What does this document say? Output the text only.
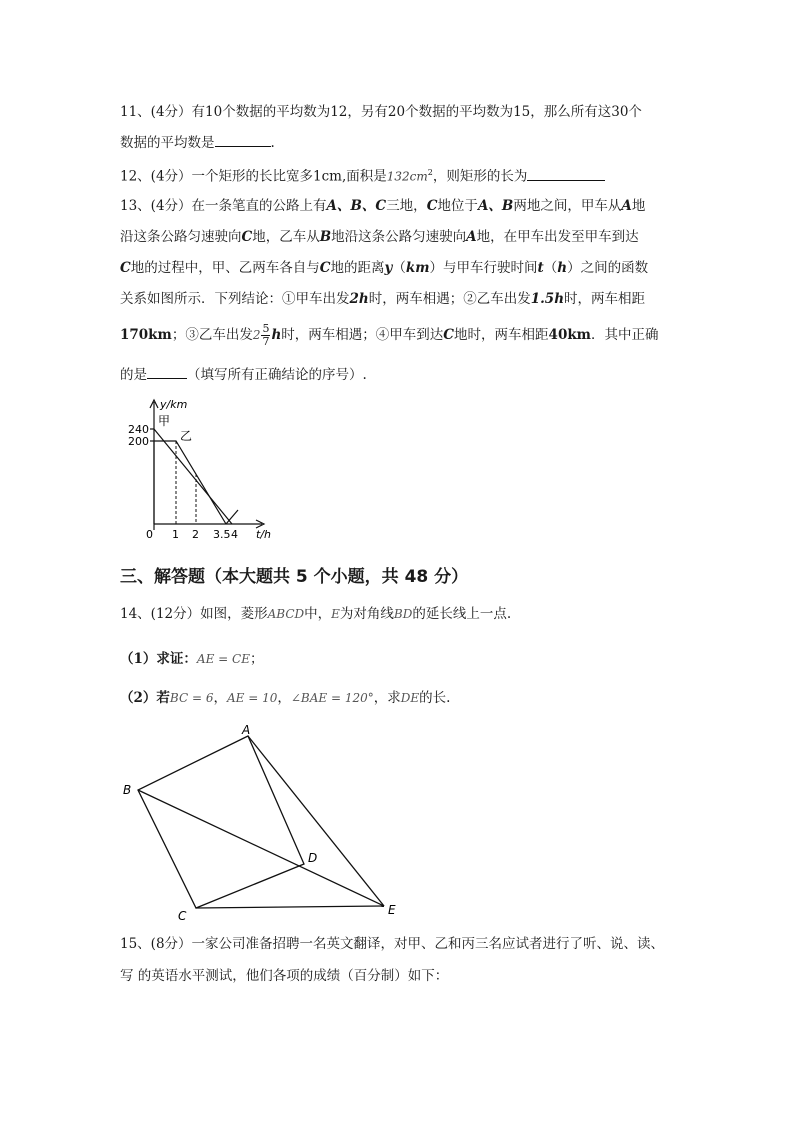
11、(4分）有10个数据的平均数为12，另有20个数据的平均数为15，那么所有这30个
数据的平均数是	.
12、(4分）一个矩形的长比宽多1cm,面积是$132cm^2$，则矩形的长为
13、(4分）在一条笔直的公路上有A、B、C三地，C地位于A、B两地之间，甲车从A地
沿这条公路匀速驶向C地，乙车从B地沿这条公路匀速驶向A地，在甲车出发至甲车到达
C地的过程中，甲、乙两车各自与C地的距离y（km）与甲车行驶时间t（h）之间的函数
关系如图所示．下列结论：①甲车出发2h时，两车相遇；②乙车出发1.5h时，两车相距
170km；③乙车出发$2 \frac{5}{7}$ h时，两车相遇；④甲车到达C地时，两车相距40km．其中正确
的是	（填写所有正确结论的序号）.
y/km
240
200
甲
乙
0 1 2 3.5 4 t/h
三、解答题（本大题共 5 个小题，共 48 分）
14、(12分）如图，菱形ABCD中，E为对角线BD的延长线上一点.
（1）求证：AE = CE；
（2）若BC = 6，AE = 10，∠BAE = 120°，求DE的长.
A
B
C
D
E
15、(8分）一家公司准备招聘一名英文翻译，对甲、乙和丙三名应试者进行了听、说、读、
写 的英语水平测试，他们各项的成绩（百分制）如下：
